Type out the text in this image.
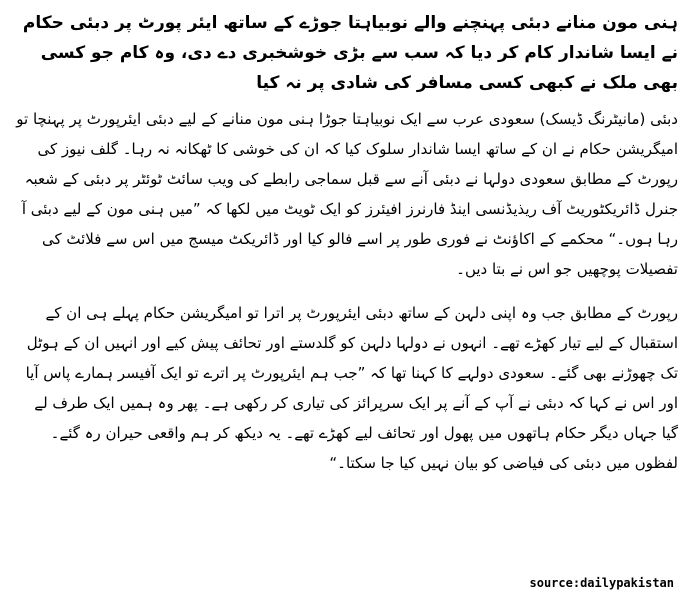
ہنی مون منانے دبئی پہنچنے والے نوبیاہتا جوڑے کے ساتھ ایئر پورٹ پر دبئی حکام نے ایسا شاندار کام کر دیا کہ سب سے بڑی خوشخبری دے دی، وہ کام جو کسی بھی ملک نے کبھی کسی مسافر کی شادی پر نہ کیا

دبئی (مانیٹرنگ ڈیسک) سعودی عرب سے ایک نوبیاہتا جوڑا ہنی مون منانے کے لیے دبئی ایئرپورٹ پر پہنچا تو امیگریشن حکام نے ان کے ساتھ ایسا شاندار سلوک کیا کہ ان کی خوشی کا ٹھکانہ نہ رہا۔ گلف نیوز کی رپورٹ کے مطابق سعودی دولہا نے دبئی آنے سے قبل سماجی رابطے کی ویب سائٹ ٹوئٹر پر دبئی کے شعبہ جنرل ڈائریکٹوریٹ آف ریذیڈنسی اینڈ فارنرز افیئرز کو ایک ٹویٹ میں لکھا کہ ”میں ہنی مون کے لیے دبئی آ رہا ہوں۔“ محکمے کے اکاﺅنٹ نے فوری طور پر اسے فالو کیا اور ڈائریکٹ میسج میں اس سے فلائٹ کی تفصیلات پوچھیں جو اس نے بتا دیں۔

رپورٹ کے مطابق جب وہ اپنی دلہن کے ساتھ دبئی ایئرپورٹ پر اترا تو امیگریشن حکام پہلے ہی ان کے استقبال کے لیے تیار کھڑے تھے۔ انہوں نے دولہا دلہن کو گلدستے اور تحائف پیش کیے اور انہیں ان کے ہوٹل تک چھوڑنے بھی گئے۔ سعودی دولہے کا کہنا تھا کہ ”جب ہم ایئرپورٹ پر اترے تو ایک آفیسر ہمارے پاس آیا اور اس نے کہا کہ دبئی نے آپ کے آنے پر ایک سرپرائز کی تیاری کر رکھی ہے۔ پھر وہ ہمیں ایک طرف لے گیا جہاں دیگر حکام ہاتھوں میں پھول اور تحائف لیے کھڑے تھے۔ یہ دیکھ کر ہم واقعی حیران رہ گئے۔ لفظوں میں دبئی کی فیاضی کو بیان نہیں کیا جا سکتا۔“

source:dailypakistan
